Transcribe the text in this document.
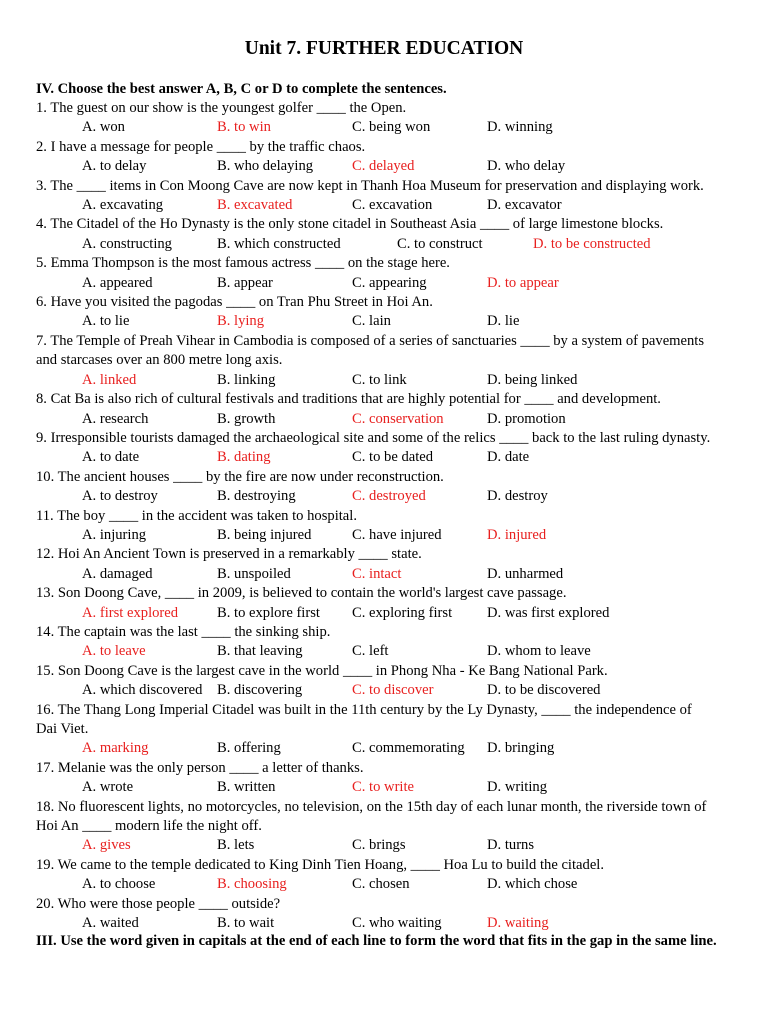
Unit 7. FURTHER EDUCATION
IV. Choose the best answer A, B, C or D to complete the sentences.
1. The guest on our show is the youngest golfer ____ the Open.
A. won	B. to win	C. being won	D. winning
2. I have a message for people ____ by the traffic chaos.
A. to delay	B. who delaying	C. delayed	D. who delay
3. The ____ items in Con Moong Cave are now kept in Thanh Hoa Museum for preservation and displaying work.
A. excavating	B. excavated	C. excavation	D. excavator
4. The Citadel of the Ho Dynasty is the only stone citadel in Southeast Asia ____ of large limestone blocks.
A. constructing	B. which constructed	C. to construct	D. to be constructed
5. Emma Thompson is the most famous actress ____ on the stage here.
A. appeared	B. appear	C. appearing	D. to appear
6. Have you visited the pagodas ____ on Tran Phu Street in Hoi An.
A. to lie	B. lying	C. lain	D. lie
7. The Temple of Preah Vihear in Cambodia is composed of a series of sanctuaries ____ by a system of pavements
and starcases over an 800 metre long axis.
A. linked	B. linking	C. to link	D. being linked
8. Cat Ba is also rich of cultural festivals and traditions that are highly potential for ____ and development.
A. research	B. growth	C. conservation	D. promotion
9. Irresponsible tourists damaged the archaeological site and some of the relics ____ back to the last ruling dynasty.
A. to date	B. dating	C. to be dated	D. date
10. The ancient houses ____ by the fire are now under reconstruction.
A. to destroy	B. destroying	C. destroyed	D. destroy
11. The boy ____ in the accident was taken to hospital.
A. injuring	B. being injured	C. have injured	D. injured
12. Hoi An Ancient Town is preserved in a remarkably ____ state.
A. damaged	B. unspoiled	C. intact	D. unharmed
13. Son Doong Cave, ____ in 2009, is believed to contain the world's largest cave passage.
A. first explored	B. to explore first C. exploring first D. was first explored
14. The captain was the last ____ the sinking ship.
A. to leave	B. that leaving	C. left	D. whom to leave
15. Son Doong Cave is the largest cave in the world ____ in Phong Nha - Ke Bang National Park.
A. which discovered B. discovering	C. to discover	D. to be discovered
16. The Thang Long Imperial Citadel was built in the 11th century by the Ly Dynasty, ____ the independence of
Dai Viet.
A. marking	B. offering	C. commemorating D. bringing
17. Melanie was the only person ____ a letter of thanks.
A. wrote	B. written	C. to write	D. writing
18. No fluorescent lights, no motorcycles, no television, on the 15th day of each lunar month, the riverside town of
Hoi An ____ modern life the night off.
A. gives	B. lets	C. brings	D. turns
19. We came to the temple dedicated to King Dinh Tien Hoang, ____ Hoa Lu to build the citadel.
A. to choose	B. choosing	C. chosen	D. which chose
20. Who were those people ____ outside?
A. waited	B. to wait	C. who waiting	D. waiting
III. Use the word given in capitals at the end of each line to form the word that fits in the gap in the same line.
